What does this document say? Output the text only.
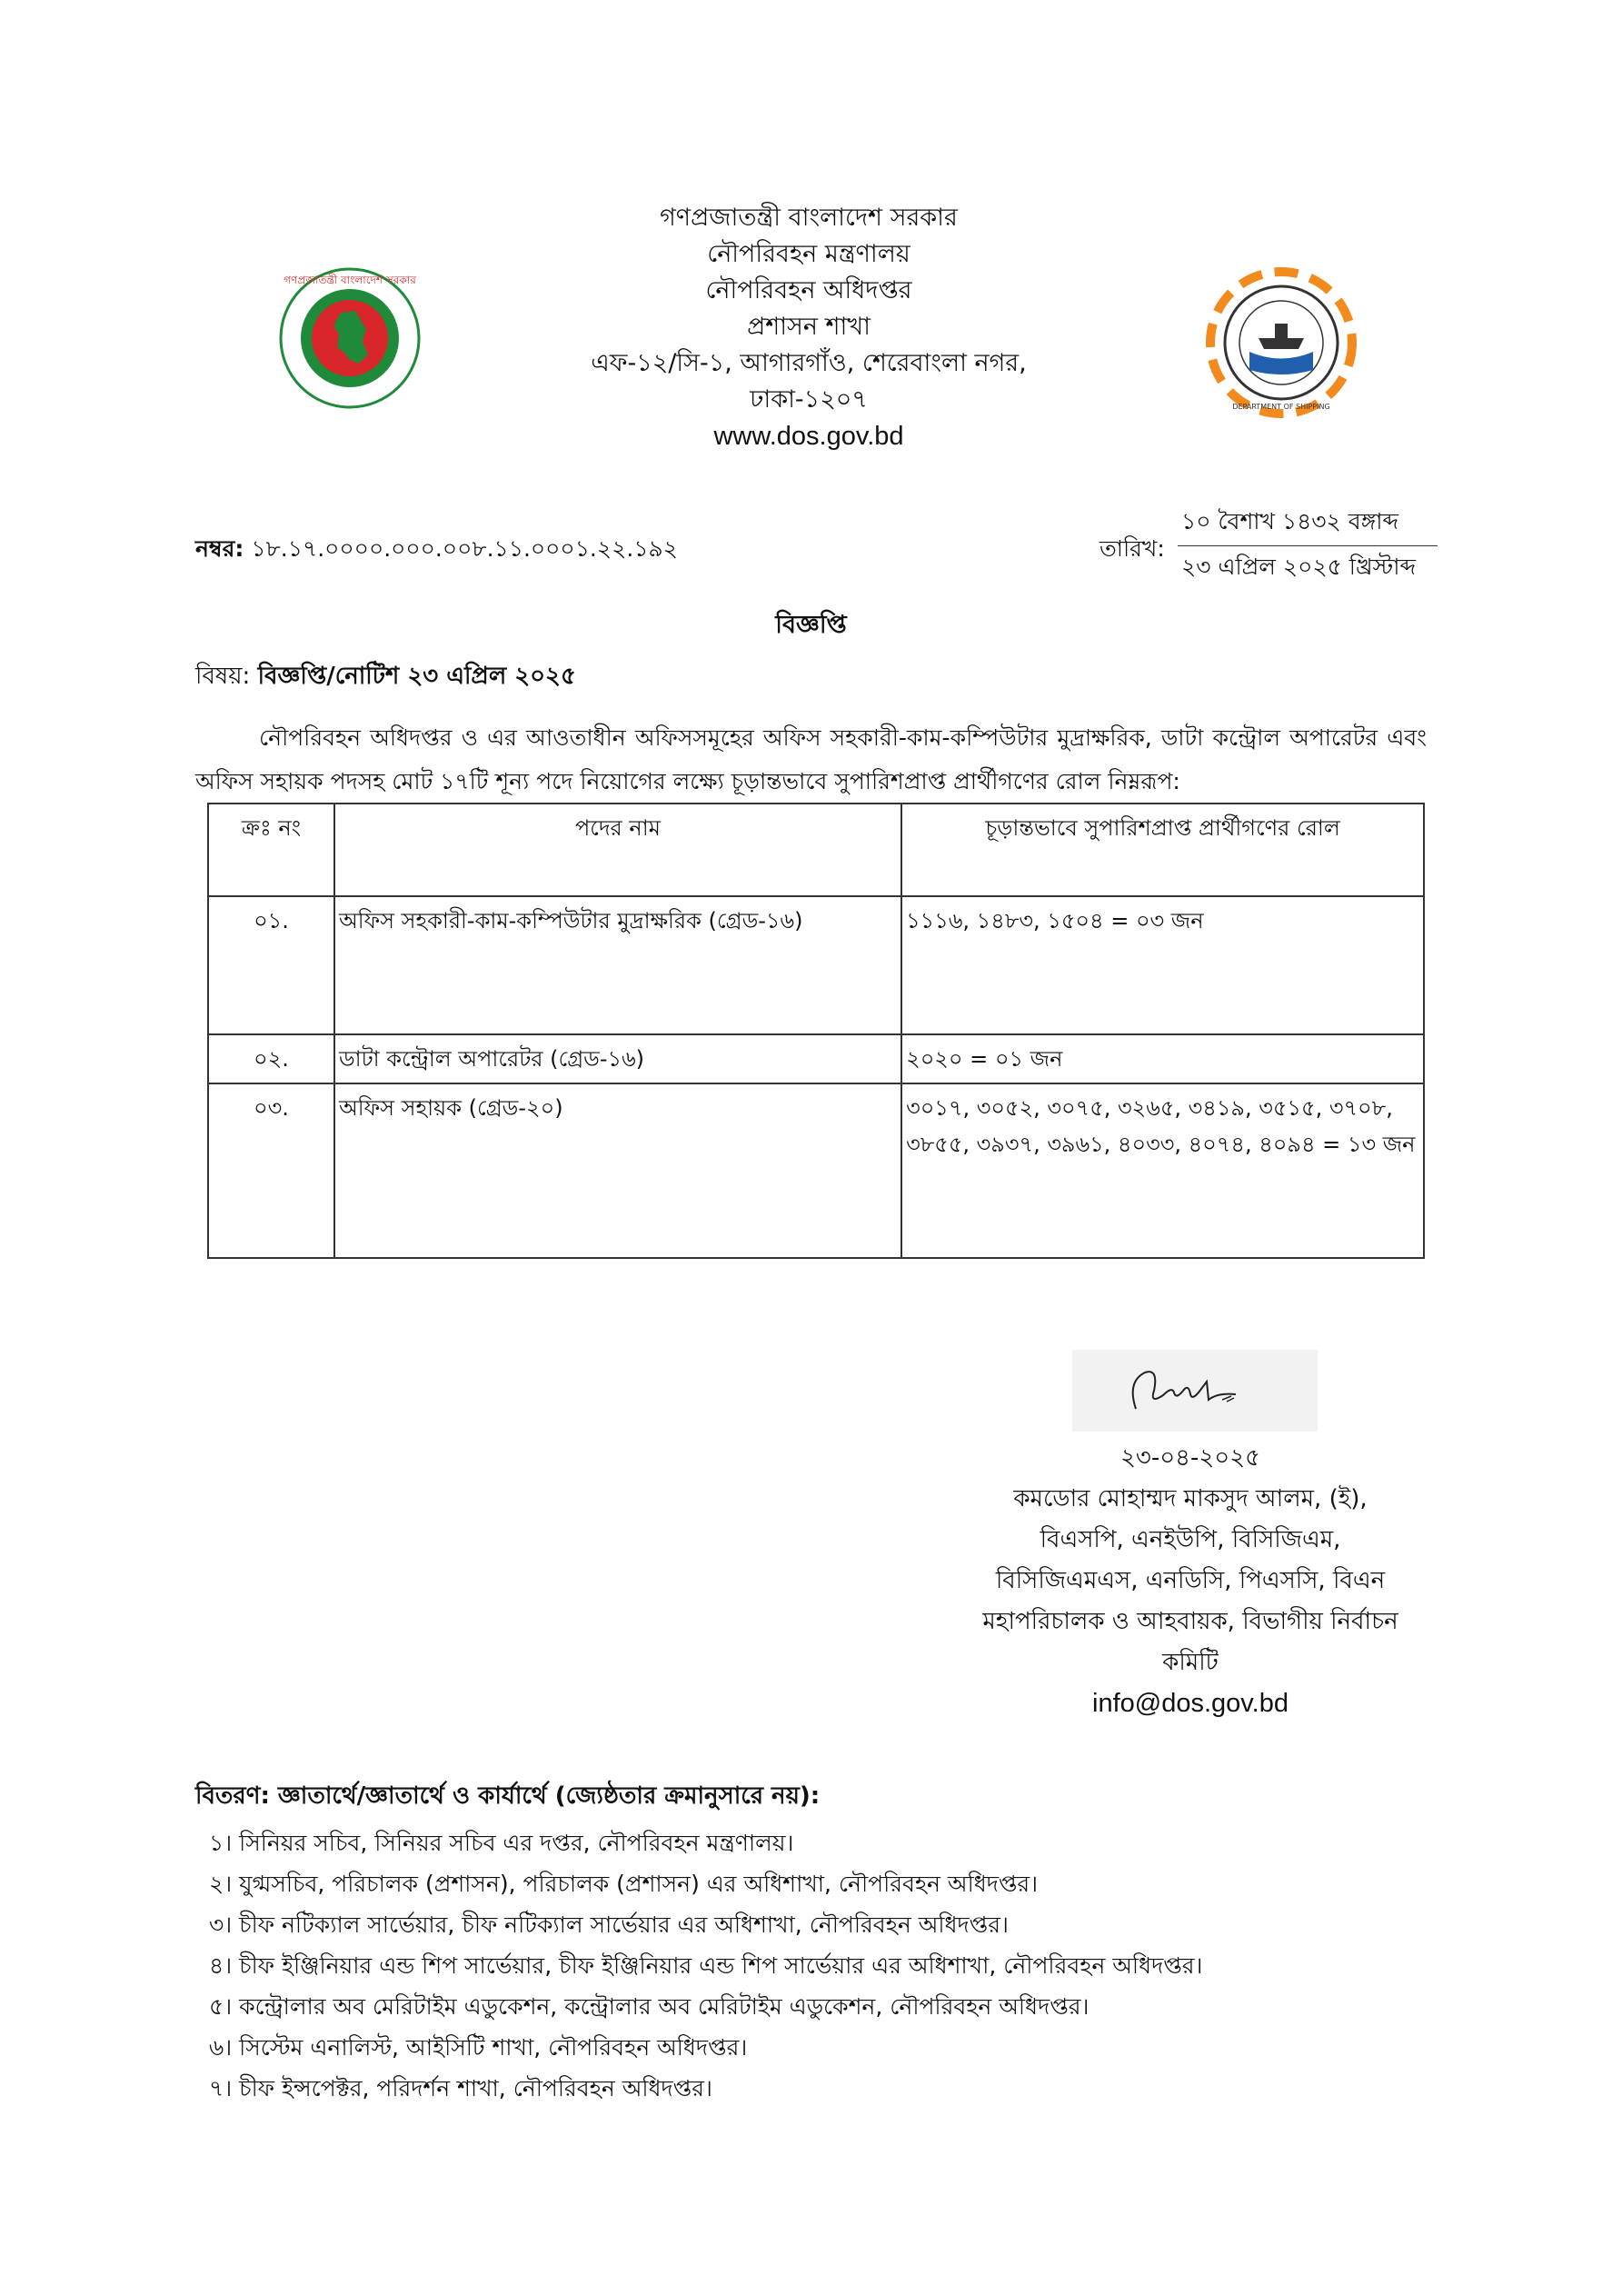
গণপ্রজাতন্ত্রী বাংলাদেশ সরকার
DEPARTMENT OF SHIPPING
গণপ্রজাতন্ত্রী বাংলাদেশ সরকার
নৌপরিবহন মন্ত্রণালয়
নৌপরিবহন অধিদপ্তর
প্রশাসন শাখা
এফ-১২/সি-১, আগারগাঁও, শেরেবাংলা নগর,
ঢাকা-১২০৭
www.dos.gov.bd
নম্বর: ১৮.১৭.০০০০.০০০.০০৮.১১.০০০১.২২.১৯২	তারিখ:
১০ বৈশাখ ১৪৩২ বঙ্গাব্দ
২৩ এপ্রিল ২০২৫ খ্রিস্টাব্দ
বিজ্ঞপ্তি
বিষয়: বিজ্ঞপ্তি/নোটিশ ২৩ এপ্রিল ২০২৫
নৌপরিবহন অধিদপ্তর ও এর আওতাধীন অফিসসমূহের অফিস সহকারী-কাম-কম্পিউটার মুদ্রাক্ষরিক, ডাটা কন্ট্রোল অপারেটর এবং অফিস সহায়ক পদসহ মোট ১৭টি শূন্য পদে নিয়োগের লক্ষ্যে চূড়ান্তভাবে সুপারিশপ্রাপ্ত প্রার্থীগণের রোল নিম্নরূপ:
ক্রঃ নং	পদের নাম	চূড়ান্তভাবে সুপারিশপ্রাপ্ত প্রার্থীগণের রোল
০১.	অফিস সহকারী-কাম-কম্পিউটার মুদ্রাক্ষরিক (গ্রেড-১৬)	১১১৬, ১৪৮৩, ১৫০৪ = ০৩ জন
০২.	ডাটা কন্ট্রোল অপারেটর (গ্রেড-১৬)	২০২০ = ০১ জন
০৩.	অফিস সহায়ক (গ্রেড-২০)	৩০১৭, ৩০৫২, ৩০৭৫, ৩২৬৫, ৩৪১৯, ৩৫১৫, ৩৭০৮, ৩৮৫৫, ৩৯৩৭, ৩৯৬১, ৪০৩৩, ৪০৭৪, ৪০৯৪ = ১৩ জন
২৩-০৪-২০২৫
কমডোর মোহাম্মদ মাকসুদ আলম, (ই),
বিএসপি, এনইউপি, বিসিজিএম,
বিসিজিএমএস, এনডিসি, পিএসসি, বিএন
মহাপরিচালক ও আহবায়ক, বিভাগীয় নির্বাচন
কমিটি
info@dos.gov.bd
বিতরণ: জ্ঞাতার্থে/জ্ঞাতার্থে ও কার্যার্থে (জ্যেষ্ঠতার ক্রমানুসারে নয়):
১। সিনিয়র সচিব, সিনিয়র সচিব এর দপ্তর, নৌপরিবহন মন্ত্রণালয়।
২। যুগ্মসচিব, পরিচালক (প্রশাসন), পরিচালক (প্রশাসন) এর অধিশাখা, নৌপরিবহন অধিদপ্তর।
৩। চীফ নটিক্যাল সার্ভেয়ার, চীফ নটিক্যাল সার্ভেয়ার এর অধিশাখা, নৌপরিবহন অধিদপ্তর।
৪। চীফ ইঞ্জিনিয়ার এন্ড শিপ সার্ভেয়ার, চীফ ইঞ্জিনিয়ার এন্ড শিপ সার্ভেয়ার এর অধিশাখা, নৌপরিবহন অধিদপ্তর।
৫। কন্ট্রোলার অব মেরিটাইম এডুকেশন, কন্ট্রোলার অব মেরিটাইম এডুকেশন, নৌপরিবহন অধিদপ্তর।
৬। সিস্টেম এনালিস্ট, আইসিটি শাখা, নৌপরিবহন অধিদপ্তর।
৭। চীফ ইন্সপেক্টর, পরিদর্শন শাখা, নৌপরিবহন অধিদপ্তর।
